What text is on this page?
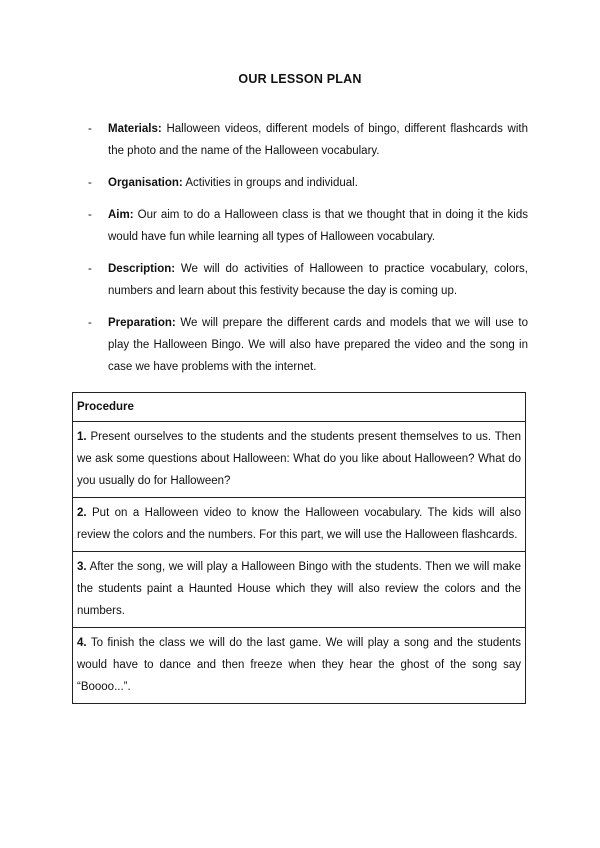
OUR LESSON PLAN
- Materials: Halloween videos, different models of bingo, different flashcards with the photo and the name of the Halloween vocabulary.
- Organisation: Activities in groups and individual.
- Aim: Our aim to do a Halloween class is that we thought that in doing it the kids would have fun while learning all types of Halloween vocabulary.
- Description: We will do activities of Halloween to practice vocabulary, colors, numbers and learn about this festivity because the day is coming up.
- Preparation: We will prepare the different cards and models that we will use to play the Halloween Bingo. We will also have prepared the video and the song in case we have problems with the internet.
Procedure
1. Present ourselves to the students and the students present themselves to us. Then we ask some questions about Halloween: What do you like about Halloween? What do you usually do for Halloween?
2. Put on a Halloween video to know the Halloween vocabulary. The kids will also review the colors and the numbers. For this part, we will use the Halloween flashcards.
3. After the song, we will play a Halloween Bingo with the students. Then we will make the students paint a Haunted House which they will also review the colors and the numbers.
4. To finish the class we will do the last game. We will play a song and the students would have to dance and then freeze when they hear the ghost of the song say “Boooo...”.
